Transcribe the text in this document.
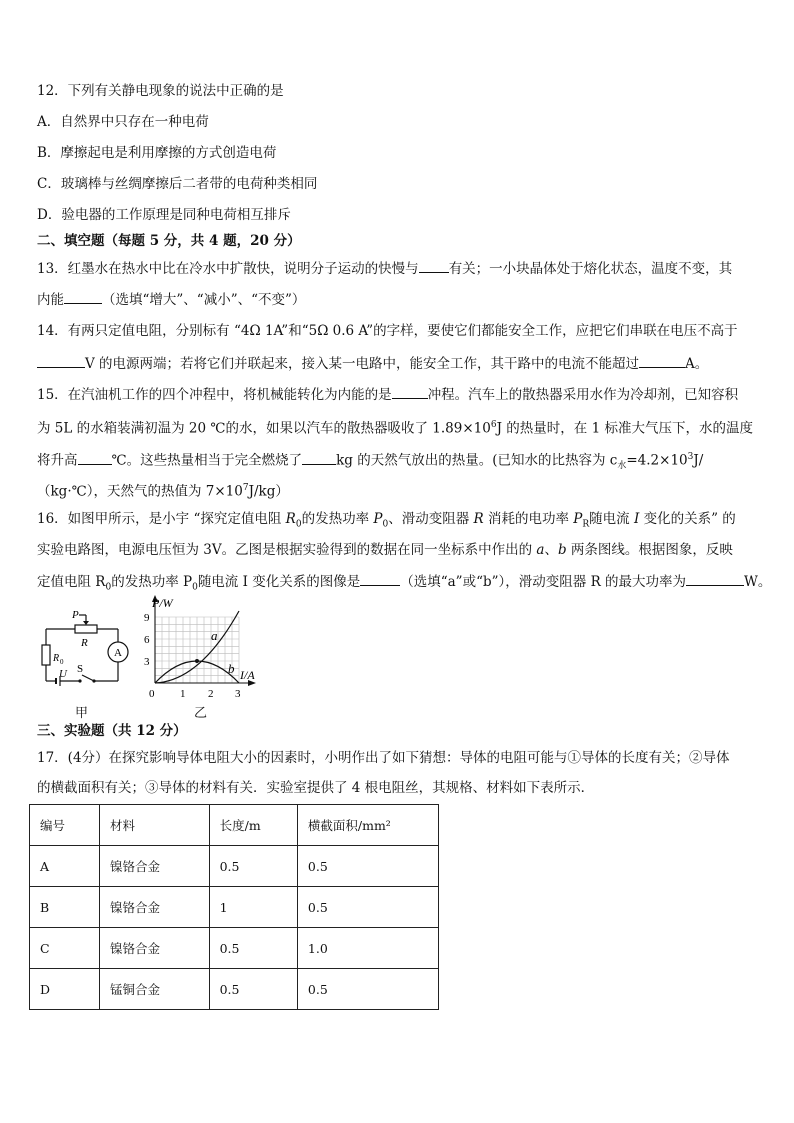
12．下列有关静电现象的说法中正确的是
A．自然界中只存在一种电荷
B．摩擦起电是利用摩擦的方式创造电荷
C．玻璃棒与丝绸摩擦后二者带的电荷种类相同
D．验电器的工作原理是同种电荷相互排斥
二、填空题（每题 5 分，共 4 题，20 分）
13．红墨水在热水中比在冷水中扩散快，说明分子运动的快慢与 有关；一小块晶体处于熔化状态，温度不变，其
内能	（选填“增大”、“减小”、“不变”）
14．有两只定值电阻，分别标有 “4Ω 1A”和“5Ω 0.6 A”的字样，要使它们都能安全工作，应把它们串联在电压不高于
V 的电源两端；若将它们并联起来，接入某一电路中，能安全工作，其干路中的电流不能超过	A。
15．在汽油机工作的四个冲程中，将机械能转化为内能的是	冲程。汽车上的散热器采用水作为冷却剂，已知容积
为 5L 的水箱装满初温为 20 ℃的水，如果以汽车的散热器吸收了 $1.89\times 10^6J$ 的热量时，在 1 标准大气压下，水的温度
将升高	℃。这些热量相当于完全燃烧了	kg 的天然气放出的热量。(已知水的比热容为 $c_水=4.2\times 10^3J/$
（kg·℃），天然气的热值为 $7\times 10^7J/kg$）
16．如图甲所示，是小宇 “探究定值电阻 $R_0$的发热功率 $P_0$、滑动变阻器 R 消耗的电功率 $P_R$随电流 I 变化的关系” 的
实验电路图，电源电压恒为 3V。乙图是根据实验得到的数据在同一坐标系中作出的 a、b 两条图线。根据图象，反映
定值电阻 $R_0$的发热功率 $P_0$随电流 I 变化关系的图像是	（选填“a”或“b”），滑动变阻器 R 的最大功率为	W。
P
R
A
R 0
U S
甲
P/W
I/A
9
6
3
0 1 2 3
a
b
乙
三、实验题（共 12 分）
17．(4分）在探究影响导体电阻大小的因素时，小明作出了如下猜想：导体的电阻可能与①导体的长度有关；②导体
的横截面积有关；③导体的材料有关．实验室提供了 4 根电阻丝，其规格、材料如下表所示．
编号	材料	长度/m	横截面积/mm²
A	镍铬合金	0.5	0.5
B	镍铬合金	1	0.5
C	镍铬合金	0.5	1.0
D	锰铜合金	0.5	0.5
